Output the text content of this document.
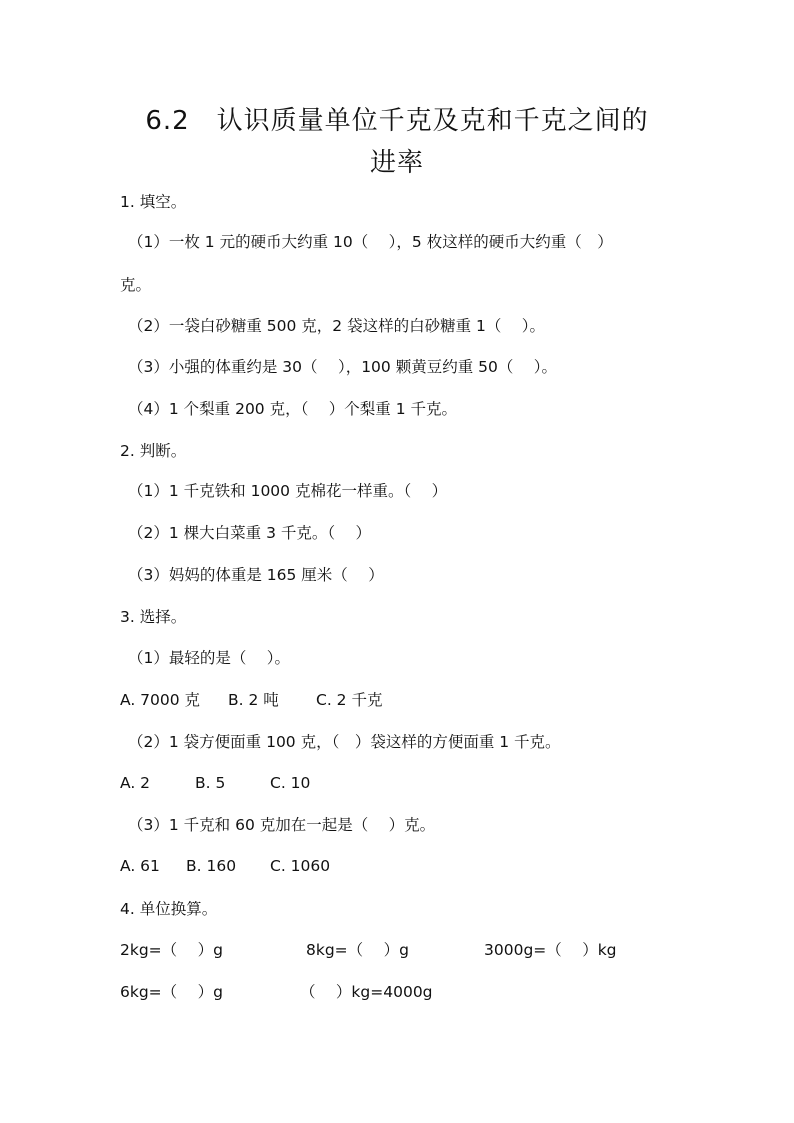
6.2　认识质量单位千克及克和千克之间的
进率
1. 填空。
（1）一枚 1 元的硬币大约重 10（　 ），5 枚这样的硬币大约重（　）
克。
（2）一袋白砂糖重 500 克，2 袋这样的白砂糖重 1（　 ）。
（3）小强的体重约是 30（　 ），100 颗黄豆约重 50（　 ）。
（4）1 个梨重 200 克，（　 ）个梨重 1 千克。
2. 判断。
（1）1 千克铁和 1000 克棉花一样重。（　 ）
（2）1 棵大白菜重 3 千克。（　 ）
（3）妈妈的体重是 165 厘米（　 ）
3. 选择。
（1）最轻的是（　 ）。
A. 7000 克 B. 2 吨 C. 2 千克
（2）1 袋方便面重 100 克，（　）袋这样的方便面重 1 千克。
A. 2	B. 5	C. 10
（3）1 千克和 60 克加在一起是（　 ）克。
A. 61 B. 160 C. 1060
4. 单位换算。
2kg=（　 ）g	8kg=（　 ）g	3000g=（　 ）kg
6kg=（　 ）g	（　 ）kg=4000g
